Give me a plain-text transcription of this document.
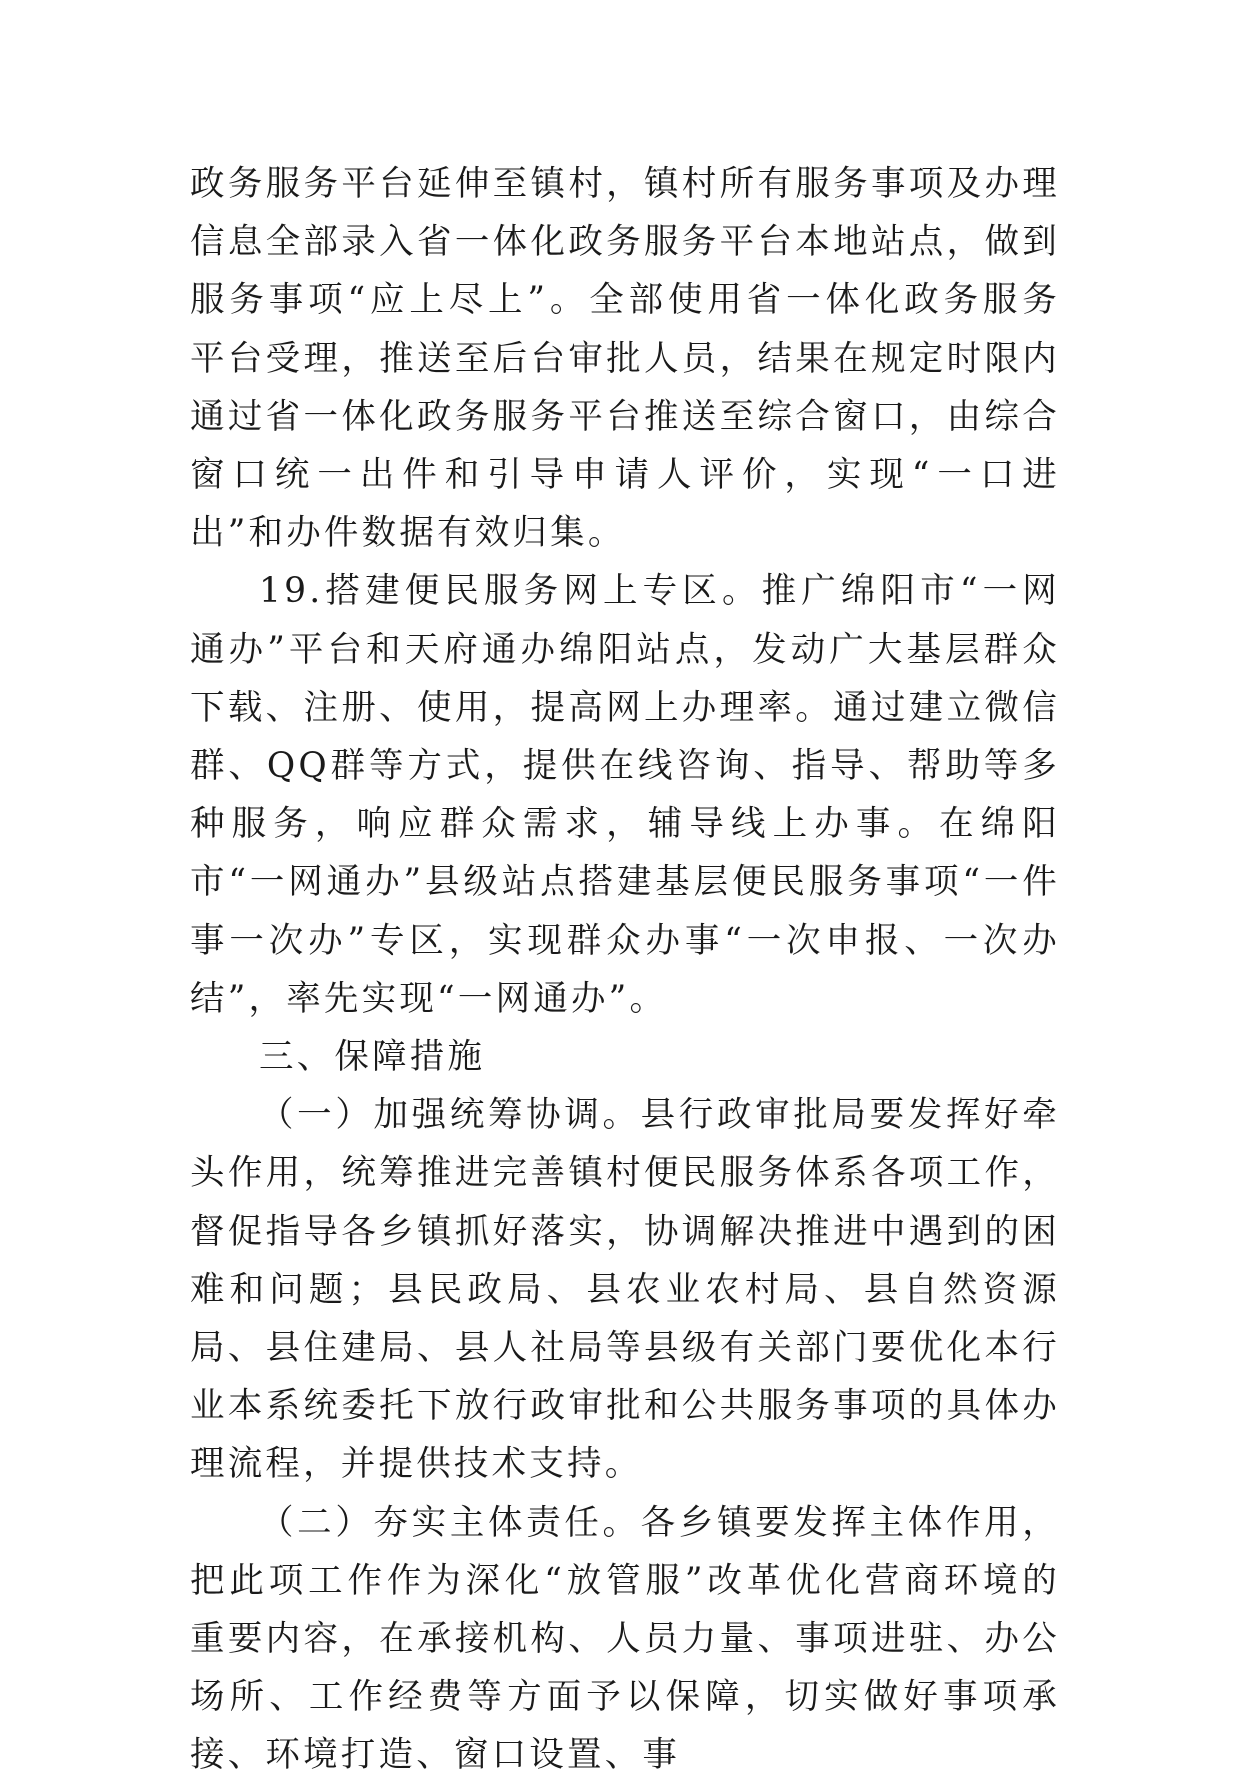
政务服务平台延伸至镇村，镇村所有服务事项及办理信息全部录入省一体化政务服务平台本地站点，做到服务事项“应上尽上”。全部使用省一体化政务服务平台受理，推送至后台审批人员，结果在规定时限内通过省一体化政务服务平台推送至综合窗口，由综合窗口统一出件和引导申请人评价，实现“一口进出”和办件数据有效归集。

19.搭建便民服务网上专区。推广绵阳市“一网通办”平台和天府通办绵阳站点，发动广大基层群众下载、注册、使用，提高网上办理率。通过建立微信群、QQ群等方式，提供在线咨询、指导、帮助等多种服务，响应群众需求，辅导线上办事。在绵阳市“一网通办”县级站点搭建基层便民服务事项“一件事一次办”专区，实现群众办事“一次申报、一次办结”，率先实现“一网通办”。

三、保障措施

（一）加强统筹协调。县行政审批局要发挥好牵头作用，统筹推进完善镇村便民服务体系各项工作，督促指导各乡镇抓好落实，协调解决推进中遇到的困难和问题；县民政局、县农业农村局、县自然资源局、县住建局、县人社局等县级有关部门要优化本行业本系统委托下放行政审批和公共服务事项的具体办理流程，并提供技术支持。

（二）夯实主体责任。各乡镇要发挥主体作用，把此项工作作为深化“放管服”改革优化营商环境的重要内容，在承接机构、人员力量、事项进驻、办公场所、工作经费等方面予以保障，切实做好事项承接、环境打造、窗口设置、事
